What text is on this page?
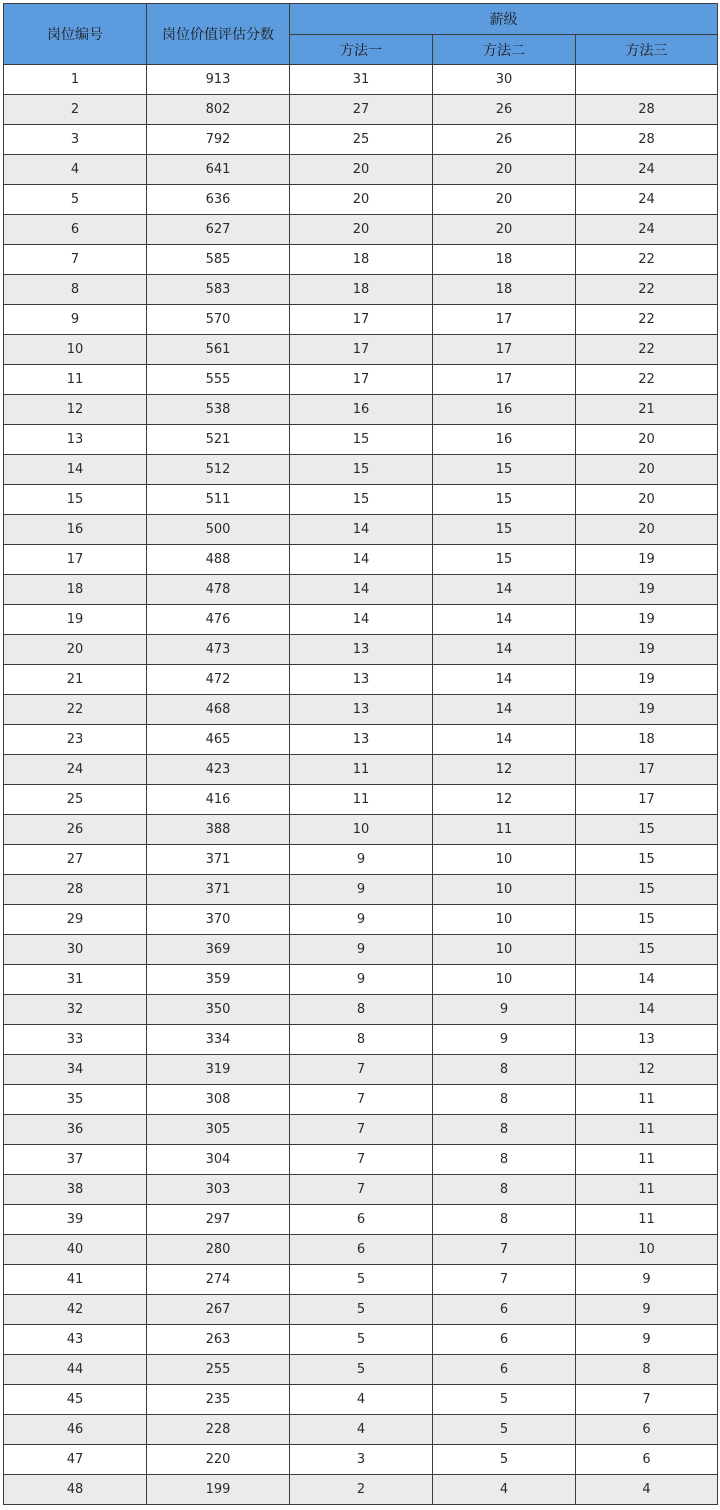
岗位编号	岗位价值评估分数	薪级		
		方法一	方法二	方法三
1	913	31	30	
2	802	27	26	28
3	792	25	26	28
4	641	20	20	24
5	636	20	20	24
6	627	20	20	24
7	585	18	18	22
8	583	18	18	22
9	570	17	17	22
10	561	17	17	22
11	555	17	17	22
12	538	16	16	21
13	521	15	16	20
14	512	15	15	20
15	511	15	15	20
16	500	14	15	20
17	488	14	15	19
18	478	14	14	19
19	476	14	14	19
20	473	13	14	19
21	472	13	14	19
22	468	13	14	19
23	465	13	14	18
24	423	11	12	17
25	416	11	12	17
26	388	10	11	15
27	371	9	10	15
28	371	9	10	15
29	370	9	10	15
30	369	9	10	15
31	359	9	10	14
32	350	8	9	14
33	334	8	9	13
34	319	7	8	12
35	308	7	8	11
36	305	7	8	11
37	304	7	8	11
38	303	7	8	11
39	297	6	8	11
40	280	6	7	10
41	274	5	7	9
42	267	5	6	9
43	263	5	6	9
44	255	5	6	8
45	235	4	5	7
46	228	4	5	6
47	220	3	5	6
48	199	2	4	4
